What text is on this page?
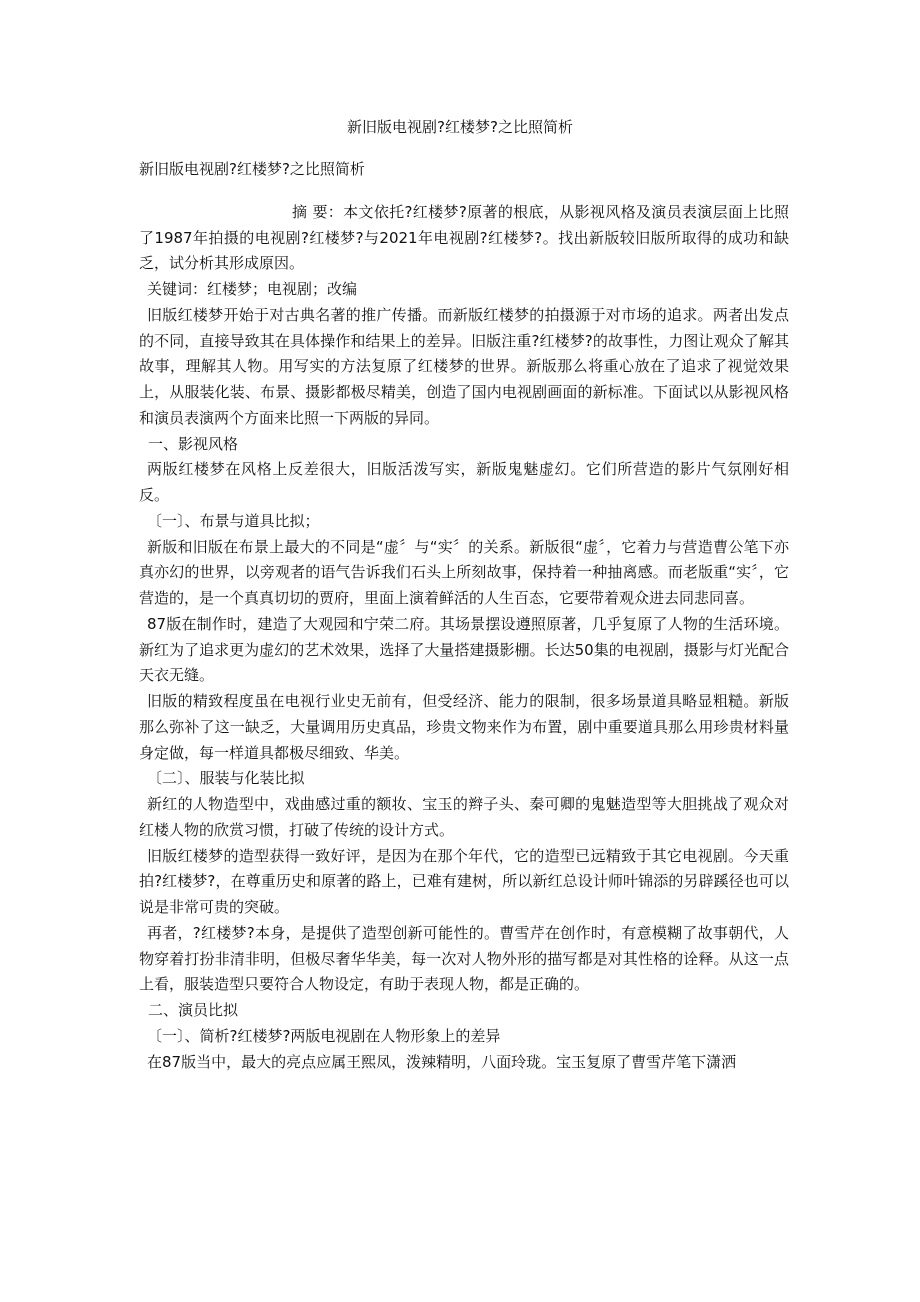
新旧版电视剧?红楼梦?之比照简析

新旧版电视剧?红楼梦?之比照简析

摘 要：本文依托?红楼梦?原著的根底，从影视风格及演员表演层面上比照了1987年拍摄的电视剧?红楼梦?与2021年电视剧?红楼梦?。找出新版较旧版所取得的成功和缺乏，试分析其形成原因。

关键词：红楼梦；电视剧；改编

旧版红楼梦开始于对古典名著的推广传播。而新版红楼梦的拍摄源于对市场的追求。两者出发点的不同，直接导致其在具体操作和结果上的差异。旧版注重?红楼梦?的故事性，力图让观众了解其故事，理解其人物。用写实的方法复原了红楼梦的世界。新版那么将重心放在了追求了视觉效果上，从服装化装、布景、摄影都极尽精美，创造了国内电视剧画面的新标准。下面试以从影视风格和演员表演两个方面来比照一下两版的异同。

一、影视风格

两版红楼梦在风格上反差很大，旧版活泼写实，新版鬼魅虚幻。它们所营造的影片气氛刚好相反。

〔一〕、布景与道具比拟；

新版和旧版在布景上最大的不同是“虚〞与“实〞的关系。新版很“虚〞，它着力与营造曹公笔下亦真亦幻的世界，以旁观者的语气告诉我们石头上所刻故事，保持着一种抽离感。而老版重“实〞，它营造的，是一个真真切切的贾府，里面上演着鲜活的人生百态，它要带着观众进去同悲同喜。

87版在制作时，建造了大观园和宁荣二府。其场景摆设遵照原著，几乎复原了人物的生活环境。 新红为了追求更为虚幻的艺术效果，选择了大量搭建摄影棚。长达50集的电视剧，摄影与灯光配合天衣无缝。

旧版的精致程度虽在电视行业史无前有，但受经济、能力的限制，很多场景道具略显粗糙。新版那么弥补了这一缺乏，大量调用历史真品，珍贵文物来作为布置，剧中重要道具那么用珍贵材料量身定做，每一样道具都极尽细致、华美。

〔二〕、服装与化装比拟

新红的人物造型中，戏曲感过重的额妆、宝玉的辫子头、秦可卿的鬼魅造型等大胆挑战了观众对红楼人物的欣赏习惯，打破了传统的设计方式。

旧版红楼梦的造型获得一致好评，是因为在那个年代，它的造型已远精致于其它电视剧。今天重拍?红楼梦?，在尊重历史和原著的路上，已难有建树，所以新红总设计师叶锦添的另辟蹊径也可以说是非常可贵的突破。

再者，?红楼梦?本身，是提供了造型创新可能性的。曹雪芹在创作时，有意模糊了故事朝代，人物穿着打扮非清非明，但极尽奢华华美，每一次对人物外形的描写都是对其性格的诠释。从这一点上看，服装造型只要符合人物设定，有助于表现人物，都是正确的。

二、演员比拟

〔一〕、简析?红楼梦?两版电视剧在人物形象上的差异

在87版当中，最大的亮点应属王熙凤，泼辣精明，八面玲珑。宝玉复原了曹雪芹笔下潇洒
